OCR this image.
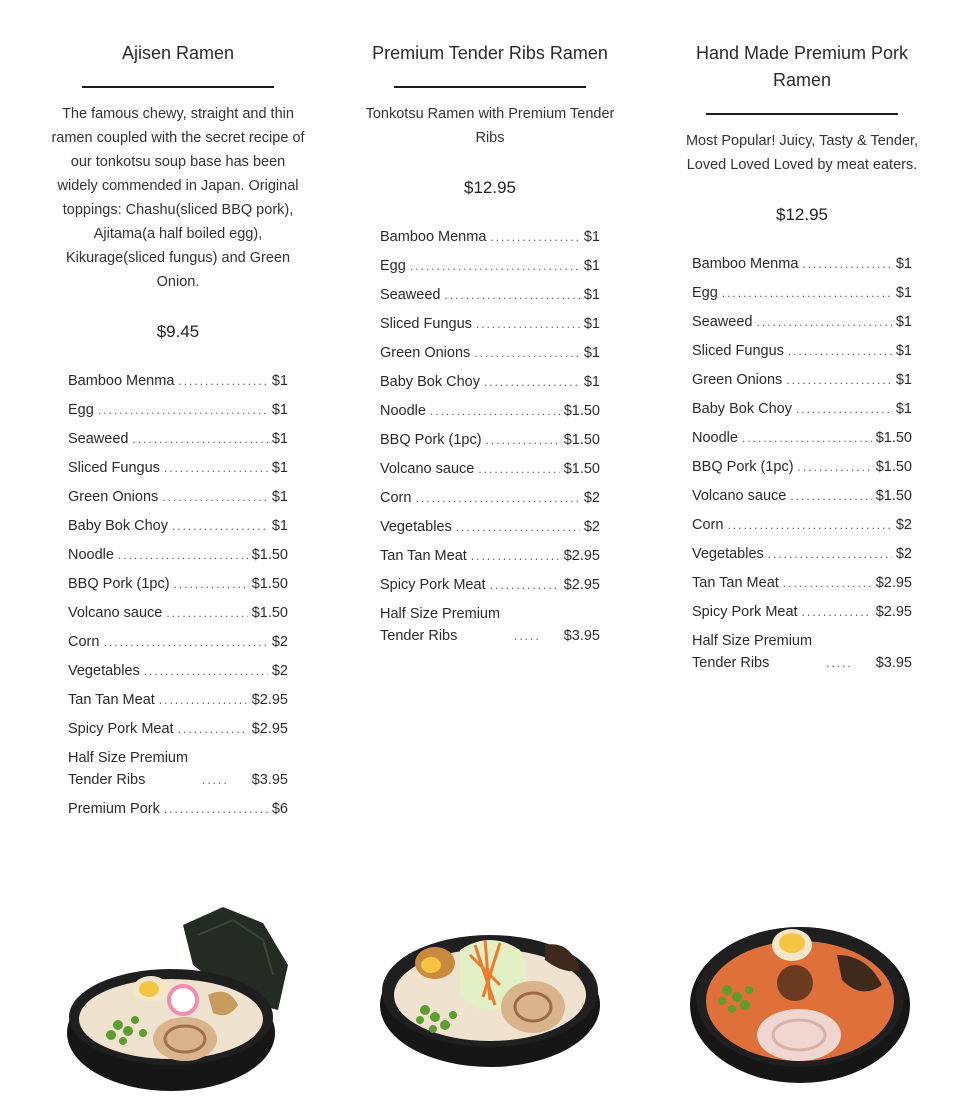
Ajisen Ramen

The famous chewy, straight and thin ramen coupled with the secret recipe of our tonkotsu soup base has been widely commended in Japan. Original toppings: Chashu(sliced BBQ pork), Ajitama(a half boiled egg), Kikurage(sliced fungus) and Green Onion.

$9.45
Bamboo Menma .....	$1
Egg .....	$1
Seaweed .....	$1
Sliced Fungus .....	$1
Green Onions .....	$1
Baby Bok Choy .....	$1
Noodle .....	$1.50
BBQ Pork (1pc) .....	$1.50
Volcano sauce .....	$1.50
Corn .....	$2
Vegetables .....	$2
Tan Tan Meat .....	$2.95
Spicy Pork Meat .....	$2.95
Half Size Premium Tender Ribs .....	$3.95
Premium Pork .....	$6
Premium Tender Ribs Ramen

Tonkotsu Ramen with Premium Tender Ribs

$12.95
Bamboo Menma .....	$1
Egg .....	$1
Seaweed .....	$1
Sliced Fungus .....	$1
Green Onions .....	$1
Baby Bok Choy .....	$1
Noodle .....	$1.50
BBQ Pork (1pc) .....	$1.50
Volcano sauce .....	$1.50
Corn .....	$2
Vegetables .....	$2
Tan Tan Meat .....	$2.95
Spicy Pork Meat .....	$2.95
Half Size Premium Tender Ribs .....	$3.95
Hand Made Premium Pork Ramen

Most Popular! Juicy, Tasty & Tender, Loved Loved Loved by meat eaters.

$12.95
Bamboo Menma .....	$1
Egg .....	$1
Seaweed .....	$1
Sliced Fungus .....	$1
Green Onions .....	$1
Baby Bok Choy .....	$1
Noodle .....	$1.50
BBQ Pork (1pc) .....	$1.50
Volcano sauce .....	$1.50
Corn .....	$2
Vegetables .....	$2
Tan Tan Meat .....	$2.95
Spicy Pork Meat .....	$2.95
Half Size Premium Tender Ribs .....	$3.95
